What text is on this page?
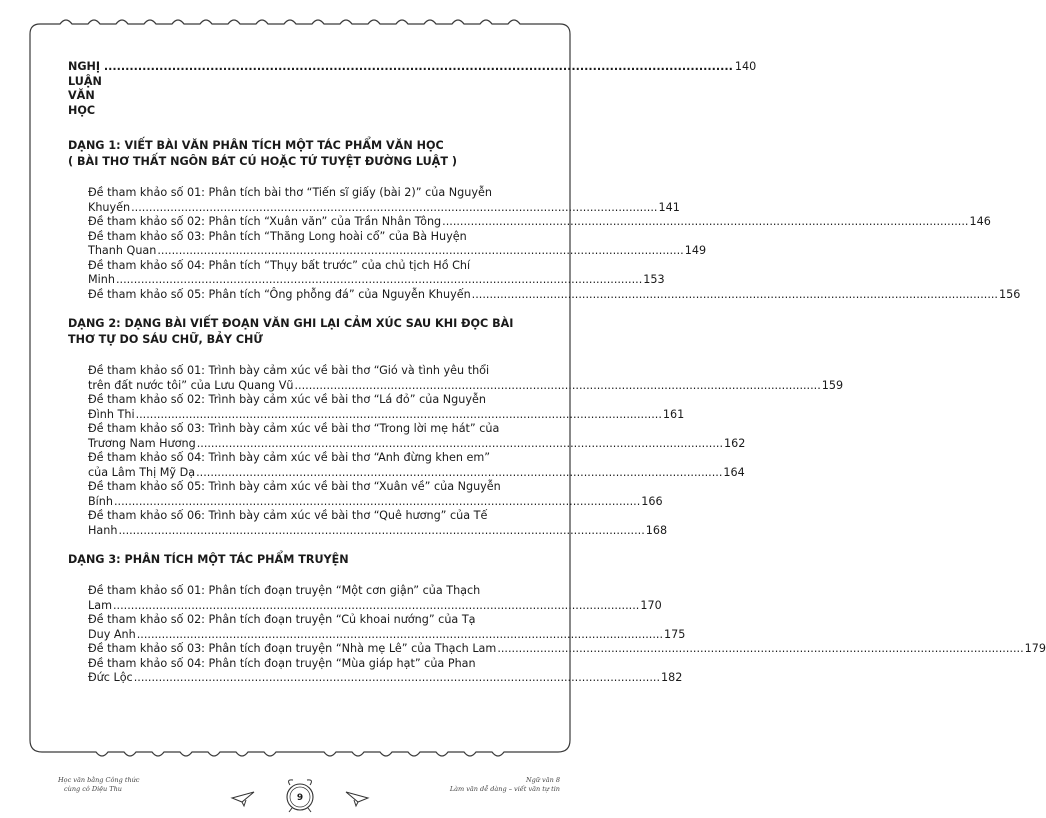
NGHỊ LUẬN VĂN HỌC
.................................................................................................................................................... 140
DẠNG 1: VIẾT BÀI VĂN PHÂN TÍCH MỘT TÁC PHẨM VĂN HỌC
( BÀI THƠ THẤT NGÔN BÁT CÚ HOẶC TỨ TUYỆT ĐƯỜNG LUẬT )
Đề tham khảo số 01: Phân tích bài thơ “Tiến sĩ giấy (bài 2)” của Nguyễn
Khuyến .................................................................................................................................................... 141
Đề tham khảo số 02: Phân tích “Xuân văn” của Trần Nhân Tông .................................................................................................................................................... 146
Đề tham khảo số 03: Phân tích “Thăng Long hoài cổ” của Bà Huyện
Thanh Quan .................................................................................................................................................... 149
Đề tham khảo số 04: Phân tích “Thụy bất trước” của chủ tịch Hồ Chí
Minh .................................................................................................................................................... 153
Đề tham khảo số 05: Phân tích “Ông phỗng đá” của Nguyễn Khuyến .................................................................................................................................................... 156
DẠNG 2: DẠNG BÀI VIẾT ĐOẠN VĂN GHI LẠI CẢM XÚC SAU KHI ĐỌC BÀI
THƠ TỰ DO SÁU CHỮ, BẢY CHỮ
Đề tham khảo số 01: Trình bày cảm xúc về bài thơ “Gió và tình yêu thổi
trên đất nước tôi” của Lưu Quang Vũ .................................................................................................................................................... 159
Đề tham khảo số 02: Trình bày cảm xúc về bài thơ “Lá đỏ” của Nguyễn
Đình Thi .................................................................................................................................................... 161
Đề tham khảo số 03: Trình bày cảm xúc về bài thơ “Trong lời mẹ hát” của
Trương Nam Hương .................................................................................................................................................... 162
Đề tham khảo số 04: Trình bày cảm xúc về bài thơ “Anh đừng khen em”
của Lâm Thị Mỹ Dạ .................................................................................................................................................... 164
Đề tham khảo số 05: Trình bày cảm xúc về bài thơ “Xuân về” của Nguyễn
Bính .................................................................................................................................................... 166
Đề tham khảo số 06: Trình bày cảm xúc về bài thơ “Quê hương” của Tế
Hanh .................................................................................................................................................... 168
DẠNG 3: PHÂN TÍCH MỘT TÁC PHẨM TRUYỆN
Đề tham khảo số 01: Phân tích đoạn truyện “Một cơn giận” của Thạch
Lam .................................................................................................................................................... 170
Đề tham khảo số 02: Phân tích đoạn truyện “Củ khoai nướng” của Tạ
Duy Anh .................................................................................................................................................... 175
Đề tham khảo số 03: Phân tích đoạn truyện “Nhà mẹ Lê” của Thạch Lam .................................................................................................................................................... 179
Đề tham khảo số 04: Phân tích đoạn truyện “Mùa giáp hạt” của Phan
Đức Lộc .................................................................................................................................................... 182
Học văn bằng Công thức
cùng cô Diệu Thu
9
Ngữ văn 8
Làm văn dễ dàng – viết văn tự tin
